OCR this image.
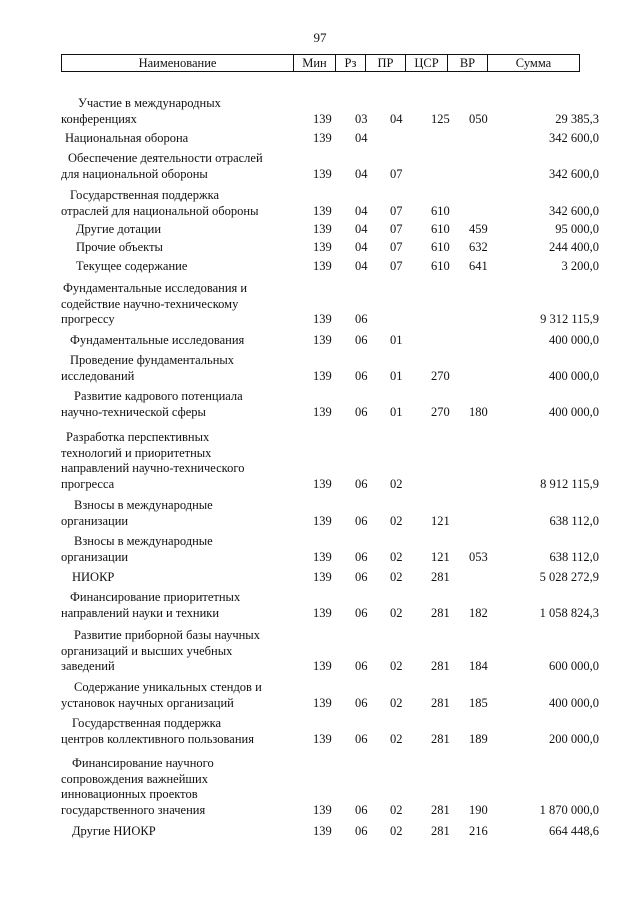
97
Наименование	Мин	Рз	ПР	ЦСР	ВР	Сумма
Участие в международных
конференциях	139 03 04 125 050	29 385,3
Национальная оборона	139 04	342 600,0
Обеспечение деятельности отраслей
для национальной обороны	139 04 07	342 600,0
Государственная поддержка
отраслей для национальной обороны	139 04 07 610	342 600,0
Другие дотации	139 04 07 610 459	95 000,0
Прочие объекты	139 04 07 610 632	244 400,0
Текущее содержание	139 04 07 610 641	3 200,0
Фундаментальные исследования и
содействие научно-техническому
прогрессу	139 06	9 312 115,9
Фундаментальные исследования	139 06 01	400 000,0
Проведение фундаментальных
исследований	139 06 01 270	400 000,0
Развитие кадрового потенциала
научно-технической сферы	139 06 01 270 180	400 000,0
Разработка перспективных
технологий и приоритетных
направлений научно-технического
прогресса	139 06 02	8 912 115,9
Взносы в международные
организации	139 06 02 121	638 112,0
Взносы в международные
организации	139 06 02 121 053	638 112,0
НИОКР	139 06 02 281	5 028 272,9
Финансирование приоритетных
направлений науки и техники	139 06 02 281 182	1 058 824,3
Развитие приборной базы научных
организаций и высших учебных
заведений	139 06 02 281 184	600 000,0
Содержание уникальных стендов и
установок научных организаций	139 06 02 281 185	400 000,0
Государственная поддержка
центров коллективного пользования	139 06 02 281 189	200 000,0
Финансирование научного
сопровождения важнейших
инновационных проектов
государственного значения	139 06 02 281 190	1 870 000,0
Другие НИОКР	139 06 02 281 216	664 448,6
